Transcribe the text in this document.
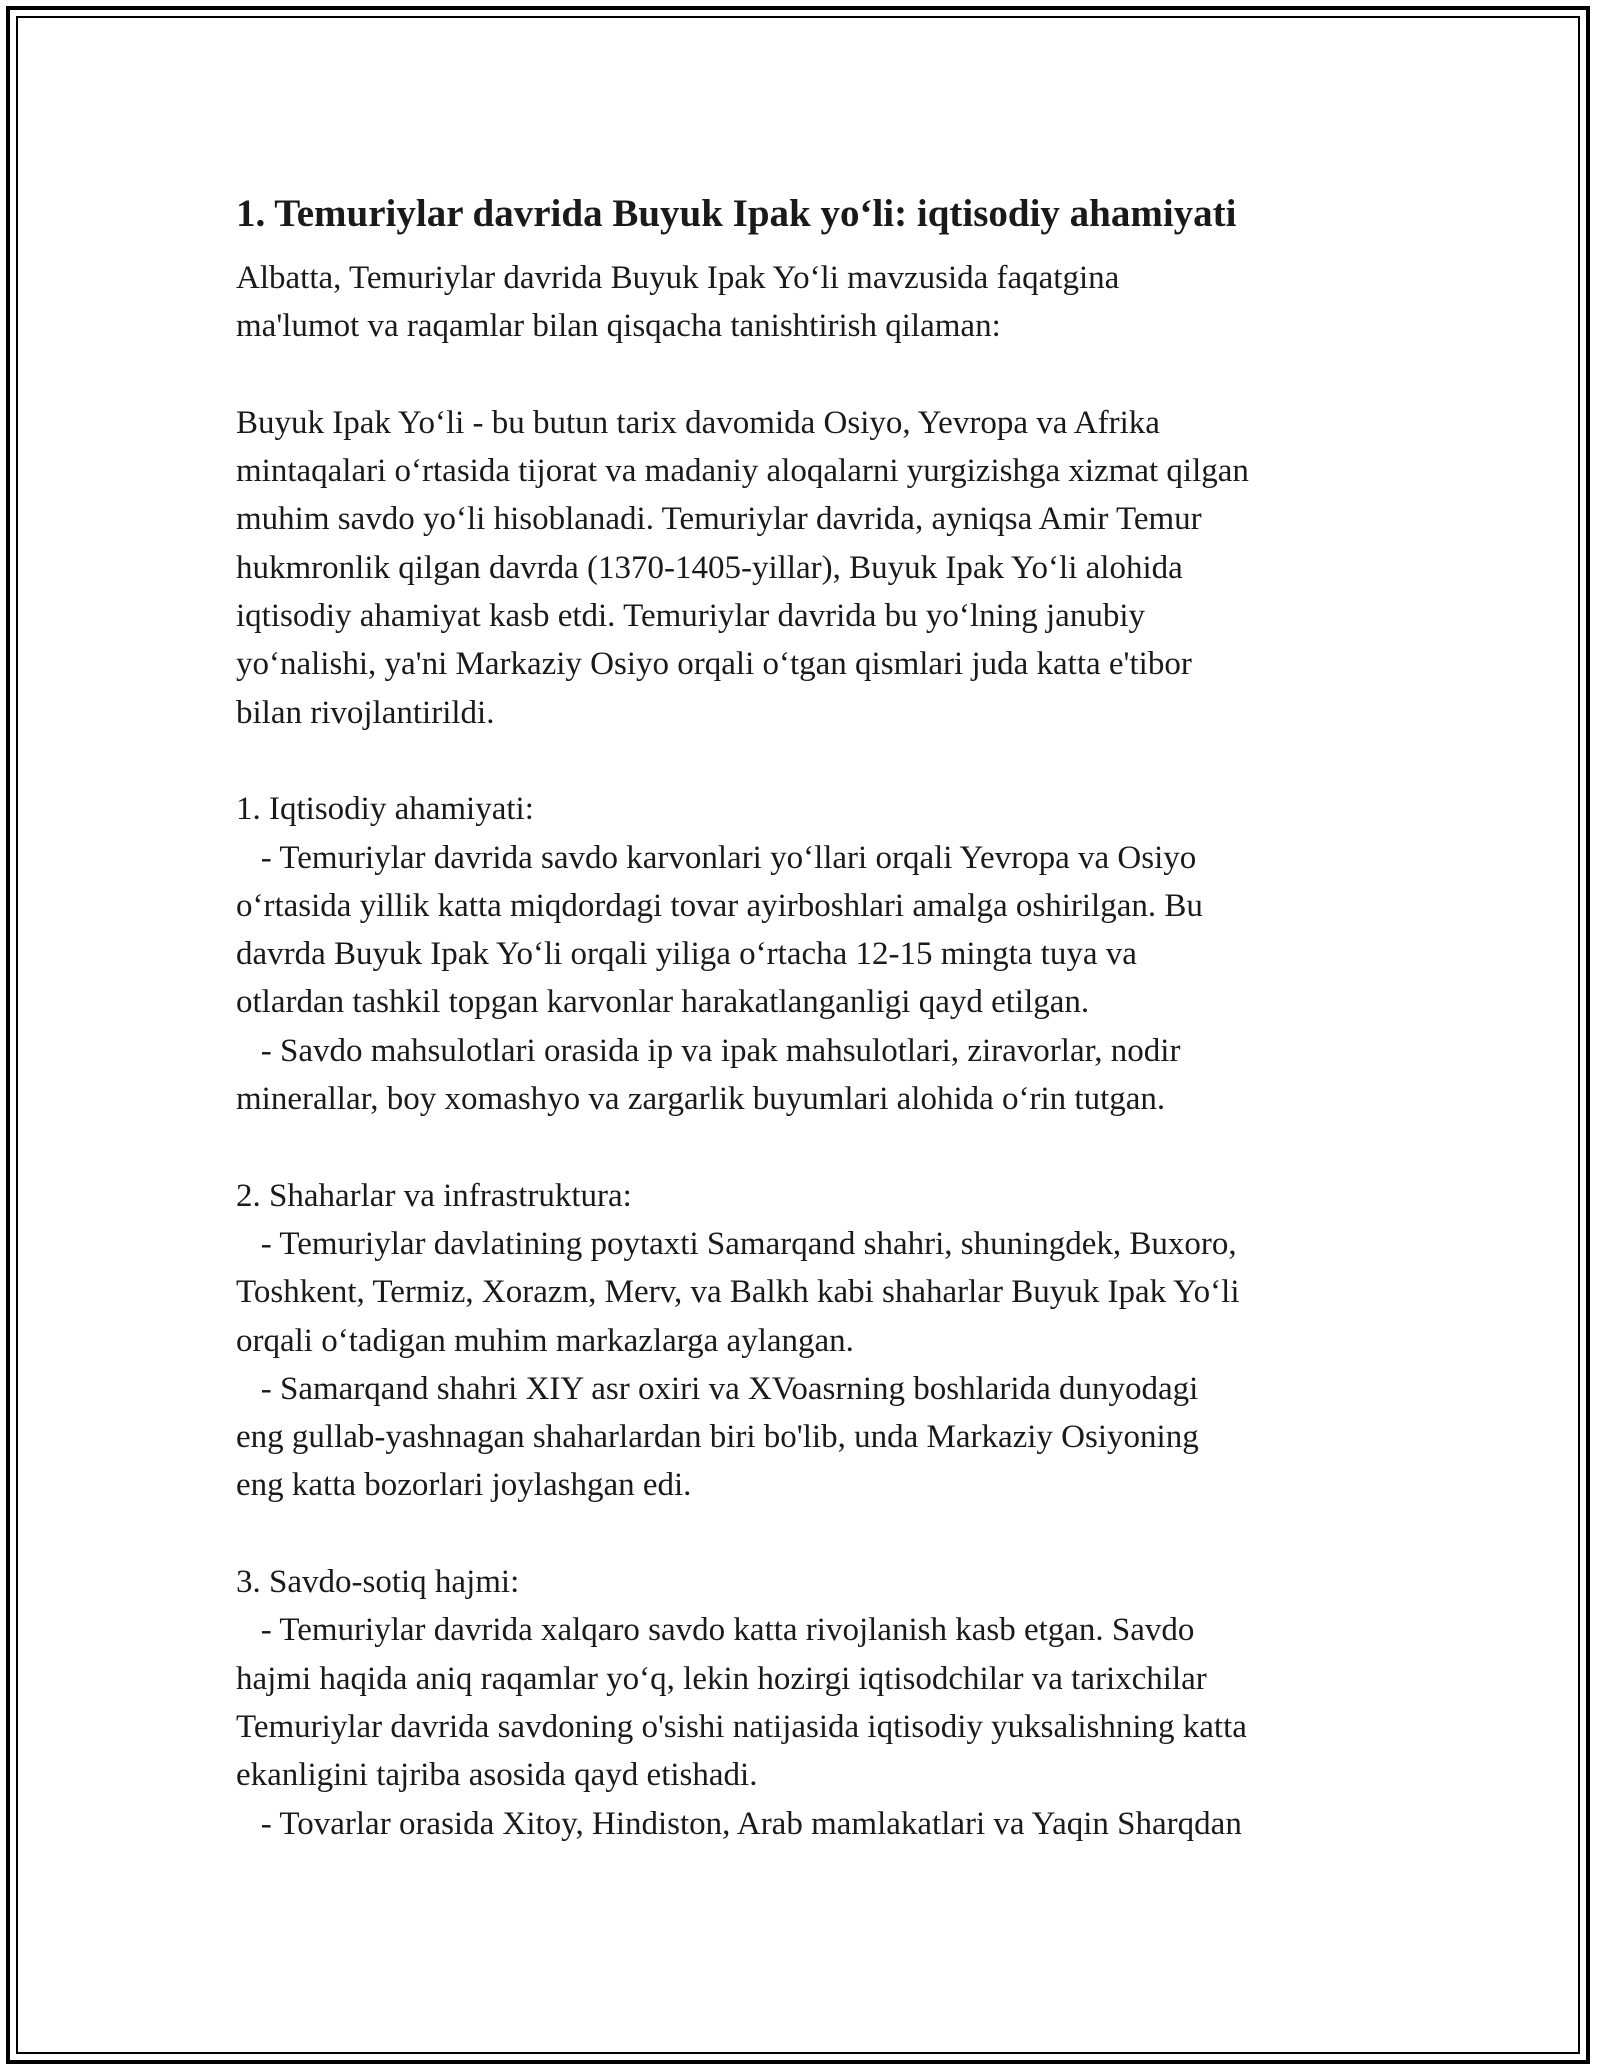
1. Temuriylar davrida Buyuk Ipak yo‘li: iqtisodiy ahamiyati

Albatta, Temuriylar davrida Buyuk Ipak Yo‘li mavzusida faqatgina

ma'lumot va raqamlar bilan qisqacha tanishtirish qilaman:

Buyuk Ipak Yo‘li - bu butun tarix davomida Osiyo, Yevropa va Afrika

mintaqalari o‘rtasida tijorat va madaniy aloqalarni yurgizishga xizmat qilgan

muhim savdo yo‘li hisoblanadi. Temuriylar davrida, ayniqsa Amir Temur

hukmronlik qilgan davrda (1370-1405-yillar), Buyuk Ipak Yo‘li alohida

iqtisodiy ahamiyat kasb etdi. Temuriylar davrida bu yo‘lning janubiy

yo‘nalishi, ya'ni Markaziy Osiyo orqali o‘tgan qismlari juda katta e'tibor

bilan rivojlantirildi.

1. Iqtisodiy ahamiyati:

- Temuriylar davrida savdo karvonlari yo‘llari orqali Yevropa va Osiyo

o‘rtasida yillik katta miqdordagi tovar ayirboshlari amalga oshirilgan. Bu

davrda Buyuk Ipak Yo‘li orqali yiliga o‘rtacha 12-15 mingta tuya va

otlardan tashkil topgan karvonlar harakatlanganligi qayd etilgan.

- Savdo mahsulotlari orasida ip va ipak mahsulotlari, ziravorlar, nodir

minerallar, boy xomashyo va zargarlik buyumlari alohida o‘rin tutgan.

2. Shaharlar va infrastruktura:

- Temuriylar davlatining poytaxti Samarqand shahri, shuningdek, Buxoro,

Toshkent, Termiz, Xorazm, Merv, va Balkh kabi shaharlar Buyuk Ipak Yo‘li

orqali o‘tadigan muhim markazlarga aylangan.

- Samarqand shahri XIY asr oxiri va XVoasrning boshlarida dunyodagi

eng gullab-yashnagan shaharlardan biri bo'lib, unda Markaziy Osiyoning

eng katta bozorlari joylashgan edi.

3. Savdo-sotiq hajmi:

- Temuriylar davrida xalqaro savdo katta rivojlanish kasb etgan. Savdo

hajmi haqida aniq raqamlar yo‘q, lekin hozirgi iqtisodchilar va tarixchilar

Temuriylar davrida savdoning o'sishi natijasida iqtisodiy yuksalishning katta

ekanligini tajriba asosida qayd etishadi.

- Tovarlar orasida Xitoy, Hindiston, Arab mamlakatlari va Yaqin Sharqdan
